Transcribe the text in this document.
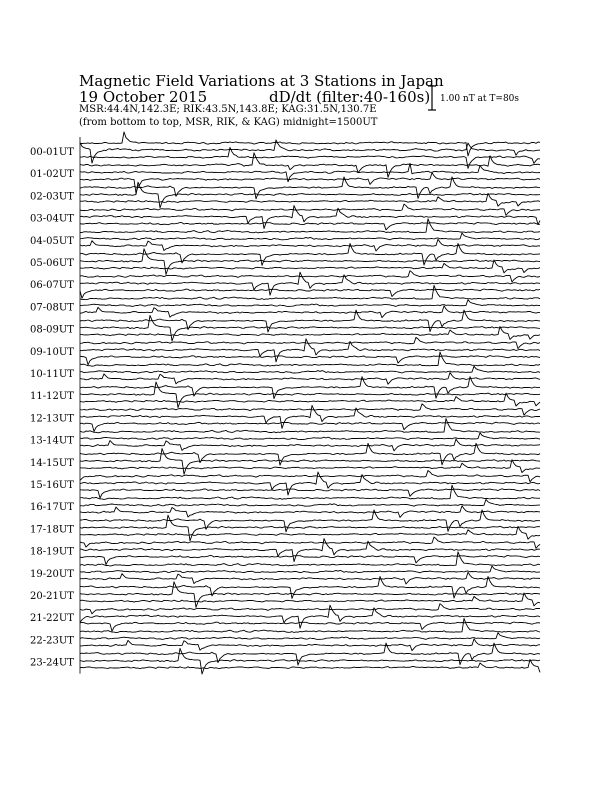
Magnetic Field Variations at 3 Stations in Japan
19 October 2015	dD/dt (filter:40-160s)
MSR:44.4N,142.3E; RIK:43.5N,143.8E; KAG:31.5N,130.7E
(from bottom to top, MSR, RIK, & KAG) midnight=1500UT
1.00 nT at T=80s
00-01UT
01-02UT
02-03UT
03-04UT
04-05UT
05-06UT
06-07UT
07-08UT
08-09UT
09-10UT
10-11UT
11-12UT
12-13UT
13-14UT
14-15UT
15-16UT
16-17UT
17-18UT
18-19UT
19-20UT
20-21UT
21-22UT
22-23UT
23-24UT
